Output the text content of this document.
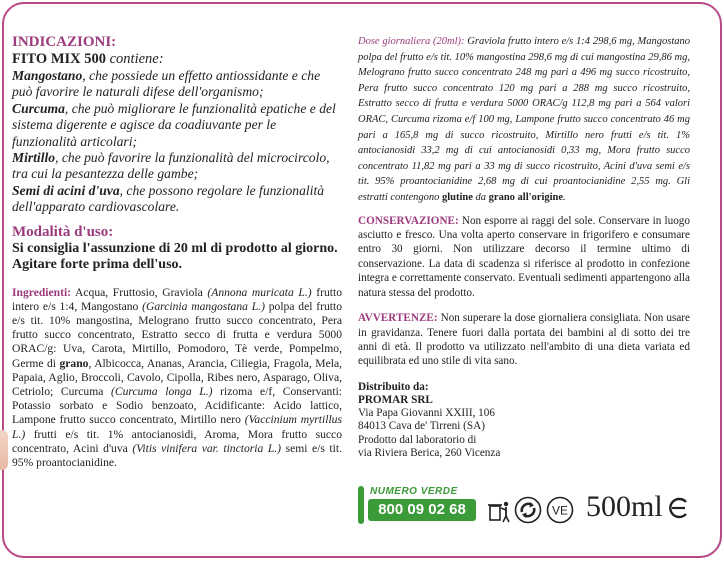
INDICAZIONI:

FITO MIX 500 contiene:

Mangostano, che possiede un effetto antiossidante e che può favorire le naturali difese dell'organismo;
Curcuma, che può migliorare le funzionalità epatiche e del sistema digerente e agisce da coadiuvante per le funzionalità articolari;
Mirtillo, che può favorire la funzionalità del microcircolo, tra cui la pesantezza delle gambe;
Semi di acini d'uva, che possono regolare le funzionalità dell'apparato cardiovascolare.

Modalità d'uso:

Si consiglia l'assunzione di 20 ml di prodotto al giorno. Agitare forte prima dell'uso.

Ingredienti: Acqua, Fruttosio, Graviola (Annona muricata L.) frutto intero e/s 1:4, Mangostano (Garcinia mangostana L.) polpa del frutto e/s tit. 10% mangostina, Melograno frutto succo concentrato, Pera frutto succo concentrato, Estratto secco di frutta e verdura 5000 ORAC/g: Uva, Carota, Mirtillo, Pomodoro, Tè verde, Pompelmo, Germe di grano, Albicocca, Ananas, Arancia, Ciliegia, Fragola, Mela, Papaia, Aglio, Broccoli, Cavolo, Cipolla, Ribes nero, Asparago, Oliva, Cetriolo; Curcuma (Curcuma longa L.) rizoma e/f, Conservanti: Potassio sorbato e Sodio benzoato, Acidificante: Acido lattico, Lampone frutto succo concentrato, Mirtillo nero (Vaccinium myrtillus L.) frutti e/s tit. 1% antocianosidi, Aroma, Mora frutto succo concentrato, Acini d'uva (Vitis vinifera var. tinctoria L.) semi e/s tit. 95% proantocianidine.

Dose giornaliera (20ml): Graviola frutto intero e/s 1:4 298,6 mg, Mangostano polpa del frutto e/s tit. 10% mangostina 298,6 mg di cui mangostina 29,86 mg, Melograno frutto succo concentrato 248 mg pari a 496 mg succo ricostruito, Pera frutto succo concentrato 120 mg pari a 288 mg succo ricostruito, Estratto secco di frutta e verdura 5000 ORAC/g 112,8 mg pari a 564 valori ORAC, Curcuma rizoma e/f 100 mg, Lampone frutto succo concentrato 46 mg pari a 165,8 mg di succo ricostruito, Mirtillo nero frutti e/s tit. 1% antocianosidi 33,2 mg di cui antocianosidi 0,33 mg, Mora frutto succo concentrato 11,82 mg pari a 33 mg di succo ricostruito, Acini d'uva semi e/s tit. 95% proantocianidine 2,68 mg di cui proantocianidine 2,55 mg. Gli estratti contengono glutine da grano all'origine.

CONSERVAZIONE: Non esporre ai raggi del sole. Conservare in luogo asciutto e fresco. Una volta aperto conservare in frigorifero e consumare entro 30 giorni. Non utilizzare decorso il termine ultimo di conservazione. La data di scadenza si riferisce al prodotto in confezione integra e correttamente conservato. Eventuali sedimenti appartengono alla natura stessa del prodotto.

AVVERTENZE: Non superare la dose giornaliera consigliata. Non usare in gravidanza. Tenere fuori dalla portata dei bambini al di sotto dei tre anni di età. Il prodotto va utilizzato nell'ambito di una dieta variata ed equilibrata ed uno stile di vita sano.

Distribuito da:
PROMAR SRL
Via Papa Giovanni XXIII, 106
84013 Cava de' Tirreni (SA)
Prodotto dal laboratorio di
via Riviera Berica, 260 Vicenza
NUMERO VERDE
800 09 02 68	VE 500ml
